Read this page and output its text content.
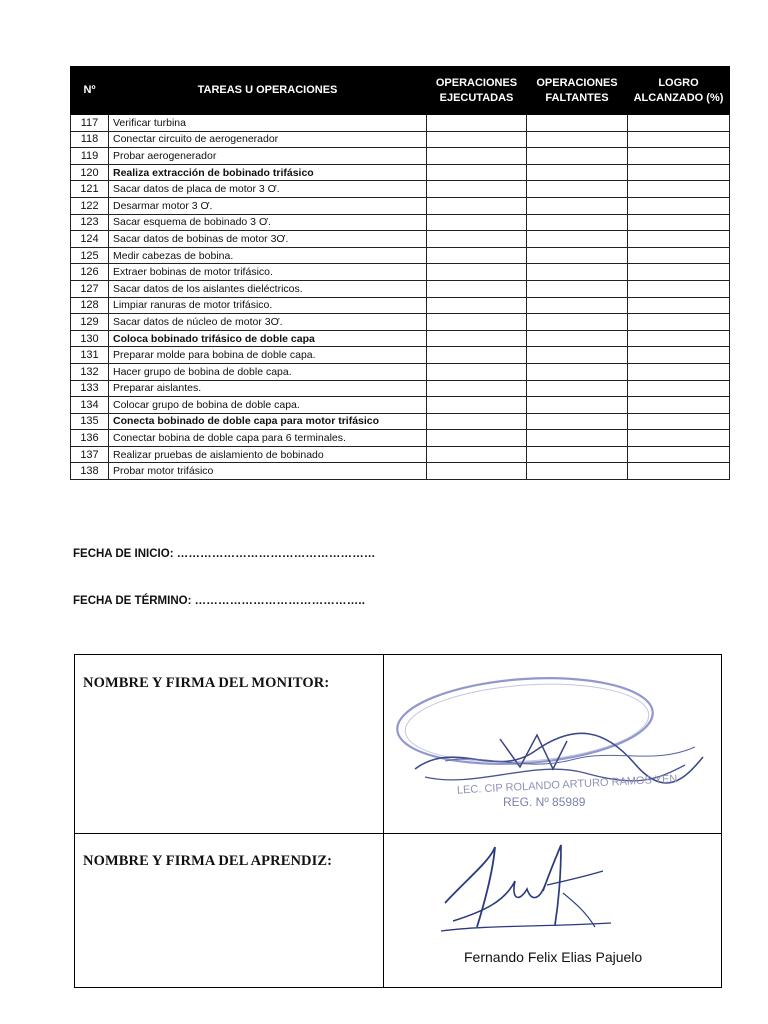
Nº	TAREAS U OPERACIONES	OPERACIONES EJECUTADAS	OPERACIONES FALTANTES	LOGRO ALCANZADO (%)
117	Verificar turbina			
118	Conectar circuito de aerogenerador			
119	Probar aerogenerador			
120	Realiza extracción de bobinado trifásico			
121	Sacar datos de placa de motor 3 Ơ.			
122	Desarmar motor 3 Ơ.			
123	Sacar esquema de bobinado 3 Ơ.			
124	Sacar datos de bobinas de motor 3Ơ.			
125	Medir cabezas de bobina.			
126	Extraer bobinas de motor trifásico.			
127	Sacar datos de los aislantes dieléctricos.			
128	Limpiar ranuras de motor trifásico.			
129	Sacar datos de núcleo de motor 3Ơ.			
130	Coloca bobinado trifásico de doble capa			
131	Preparar molde para bobina de doble capa.			
132	Hacer grupo de bobina de doble capa.			
133	Preparar aislantes.			
134	Colocar grupo de bobina de doble capa.			
135	Conecta bobinado de doble capa para motor trifásico			
136	Conectar bobina de doble capa para 6 terminales.			
137	Realizar pruebas de aislamiento de bobinado			
138	Probar motor trifásico			
FECHA DE INICIO: ……………………………………………
FECHA DE TÉRMINO: ……………………………………..
NOMBRE Y FIRMA DEL MONITOR:
LEC. CIP ROLANDO ARTURO RAMOS YEN
REG. Nº 85989
NOMBRE Y FIRMA DEL APRENDIZ:
Fernando Felix Elias Pajuelo
